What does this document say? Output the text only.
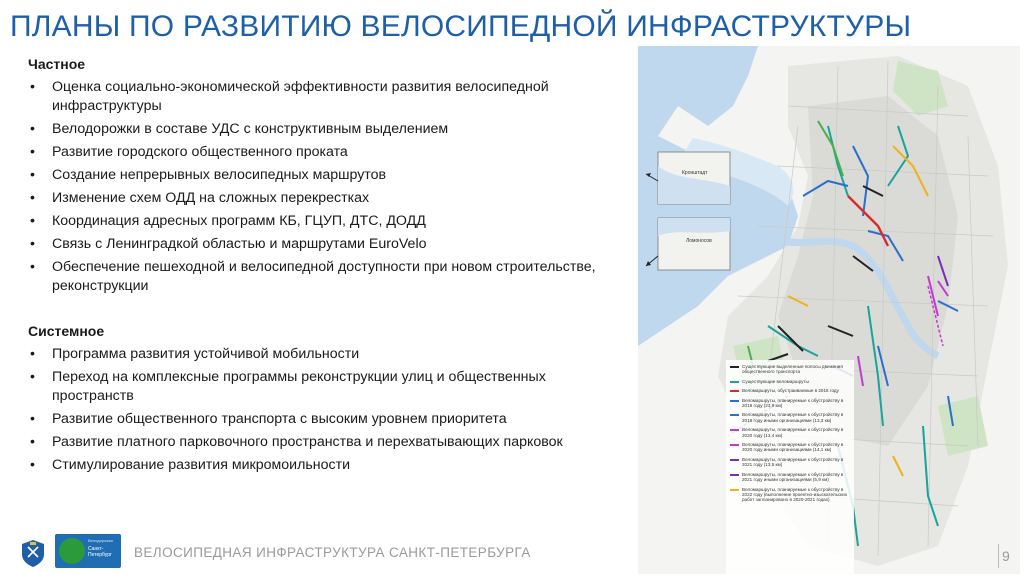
ПЛАНЫ ПО РАЗВИТИЮ ВЕЛОСИПЕДНОЙ ИНФРАСТРУКТУРЫ
Частное
• Оценка социально-экономической эффективности развития велосипедной инфраструктуры
• Велодорожки в составе УДС с конструктивным выделением
• Развитие городского общественного проката
• Создание непрерывных велосипедных маршрутов
• Изменение схем ОДД на сложных перекрестках
• Координация адресных программ КБ, ГЦУП, ДТС, ДОДД
• Связь с Ленинградкой областью и маршрутами EuroVelo
• Обеспечение пешеходной и велосипедной доступности при новом строительстве, реконструкции
Системное
• Программа развития устойчивой мобильности
• Переход на комплексные программы реконструкции улиц и общественных пространств
• Развитие общественного транспорта с высоким уровнем приоритета
• Развитие платного парковочного пространства и перехватывающих парковок
• Стимулирование развития микромоильности
Кронштадт
Ломоносов
Существующие выделенные полосы движения общественного транспорта
Существующие веломаршруты
Веломаршруты, обустраиваемые в 2018 году
Веломаршруты, планируемые к обустройству в 2019 году (23,9 км)
Веломаршруты, планируемые к обустройству в 2019 году иными организациями (13,3 км)
Веломаршруты, планируемые к обустройству в 2020 году (13,4 км)
Веломаршруты, планируемые к обустройству в 2020 году иными организациями (14,1 км)
Веломаршруты, планируемые к обустройству в 2021 году (13,5 км)
Веломаршруты, планируемые к обустройству в 2021 году иными организациями (5,9 км)
Веломаршруты, планируемые к обустройству в 2022 году (выполнение проектно-изыскательских работ запланировано в 2020-2021 годах)
Велодорожки
Санкт-Петербург	ВЕЛОСИПЕДНАЯ ИНФРАСТРУКТУРА САНКТ-ПЕТЕРБУРГА	9
